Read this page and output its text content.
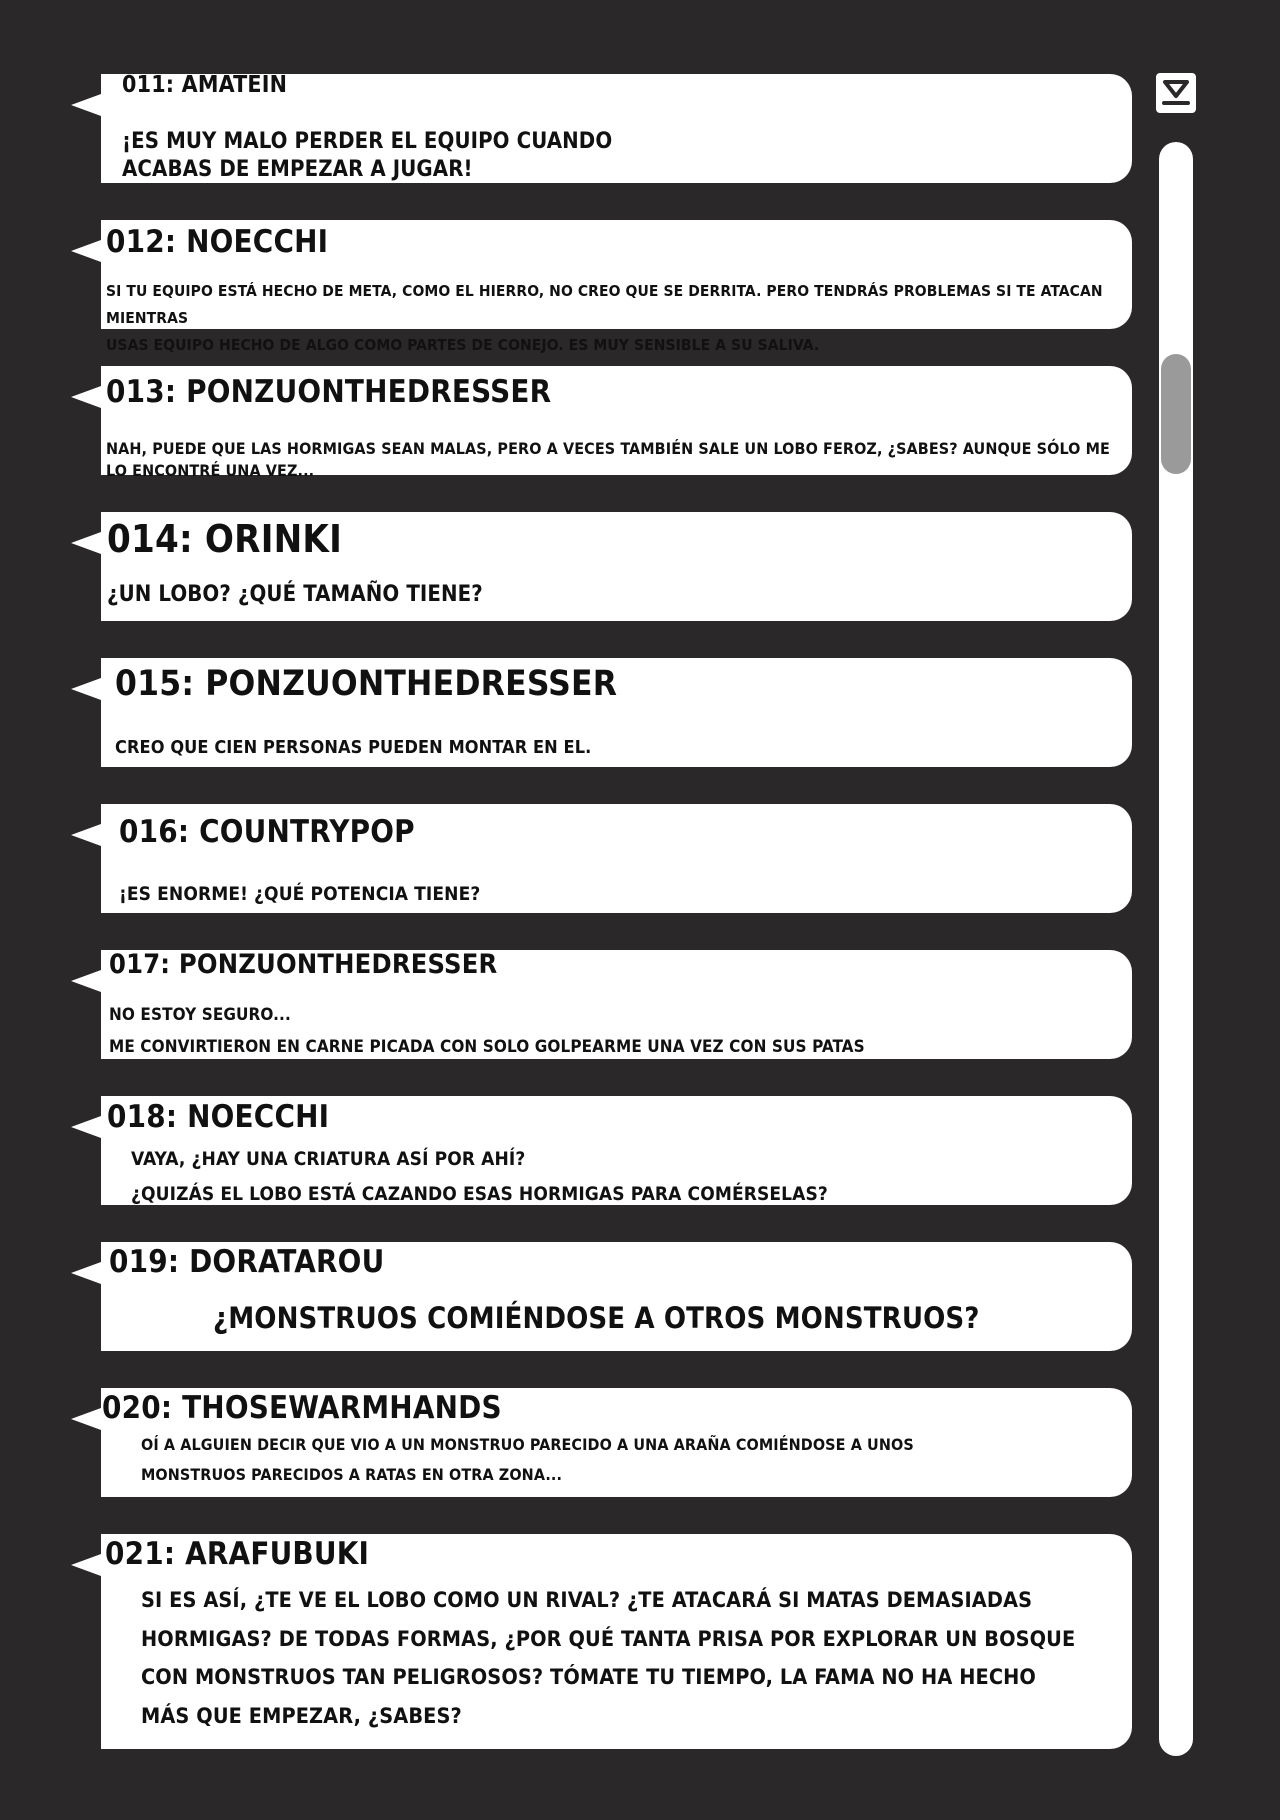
011: AMATEIN
¡ES MUY MALO PERDER EL EQUIPO CUANDO
ACABAS DE EMPEZAR A JUGAR!
012: NOECCHI
SI TU EQUIPO ESTÁ HECHO DE META, COMO EL HIERRO, NO CREO QUE SE DERRITA. PERO TENDRÁS PROBLEMAS SI TE ATACAN MIENTRAS
USAS EQUIPO HECHO DE ALGO COMO PARTES DE CONEJO. ES MUY SENSIBLE A SU SALIVA.
013: PONZUONTHEDRESSER
NAH, PUEDE QUE LAS HORMIGAS SEAN MALAS, PERO A VECES TAMBIÉN SALE UN LOBO FEROZ, ¿SABES? AUNQUE SÓLO ME LO ENCONTRÉ UNA VEZ...
014: ORINKI
¿UN LOBO? ¿QUÉ TAMAÑO TIENE?
015: PONZUONTHEDRESSER
CREO QUE CIEN PERSONAS PUEDEN MONTAR EN EL.
016: COUNTRYPOP
¡ES ENORME! ¿QUÉ POTENCIA TIENE?
017: PONZUONTHEDRESSER
NO ESTOY SEGURO...
ME CONVIRTIERON EN CARNE PICADA CON SOLO GOLPEARME UNA VEZ CON SUS PATAS
018: NOECCHI
VAYA, ¿HAY UNA CRIATURA ASÍ POR AHÍ?
¿QUIZÁS EL LOBO ESTÁ CAZANDO ESAS HORMIGAS PARA COMÉRSELAS?
019: DORATAROU
¿MONSTRUOS COMIÉNDOSE A OTROS MONSTRUOS?
020: THOSEWARMHANDS
OÍ A ALGUIEN DECIR QUE VIO A UN MONSTRUO PARECIDO A UNA ARAÑA COMIÉNDOSE A UNOS
MONSTRUOS PARECIDOS A RATAS EN OTRA ZONA...
021: ARAFUBUKI
SI ES ASÍ, ¿TE VE EL LOBO COMO UN RIVAL? ¿TE ATACARÁ SI MATAS DEMASIADAS
HORMIGAS? DE TODAS FORMAS, ¿POR QUÉ TANTA PRISA POR EXPLORAR UN BOSQUE
CON MONSTRUOS TAN PELIGROSOS? TÓMATE TU TIEMPO, LA FAMA NO HA HECHO
MÁS QUE EMPEZAR, ¿SABES?
